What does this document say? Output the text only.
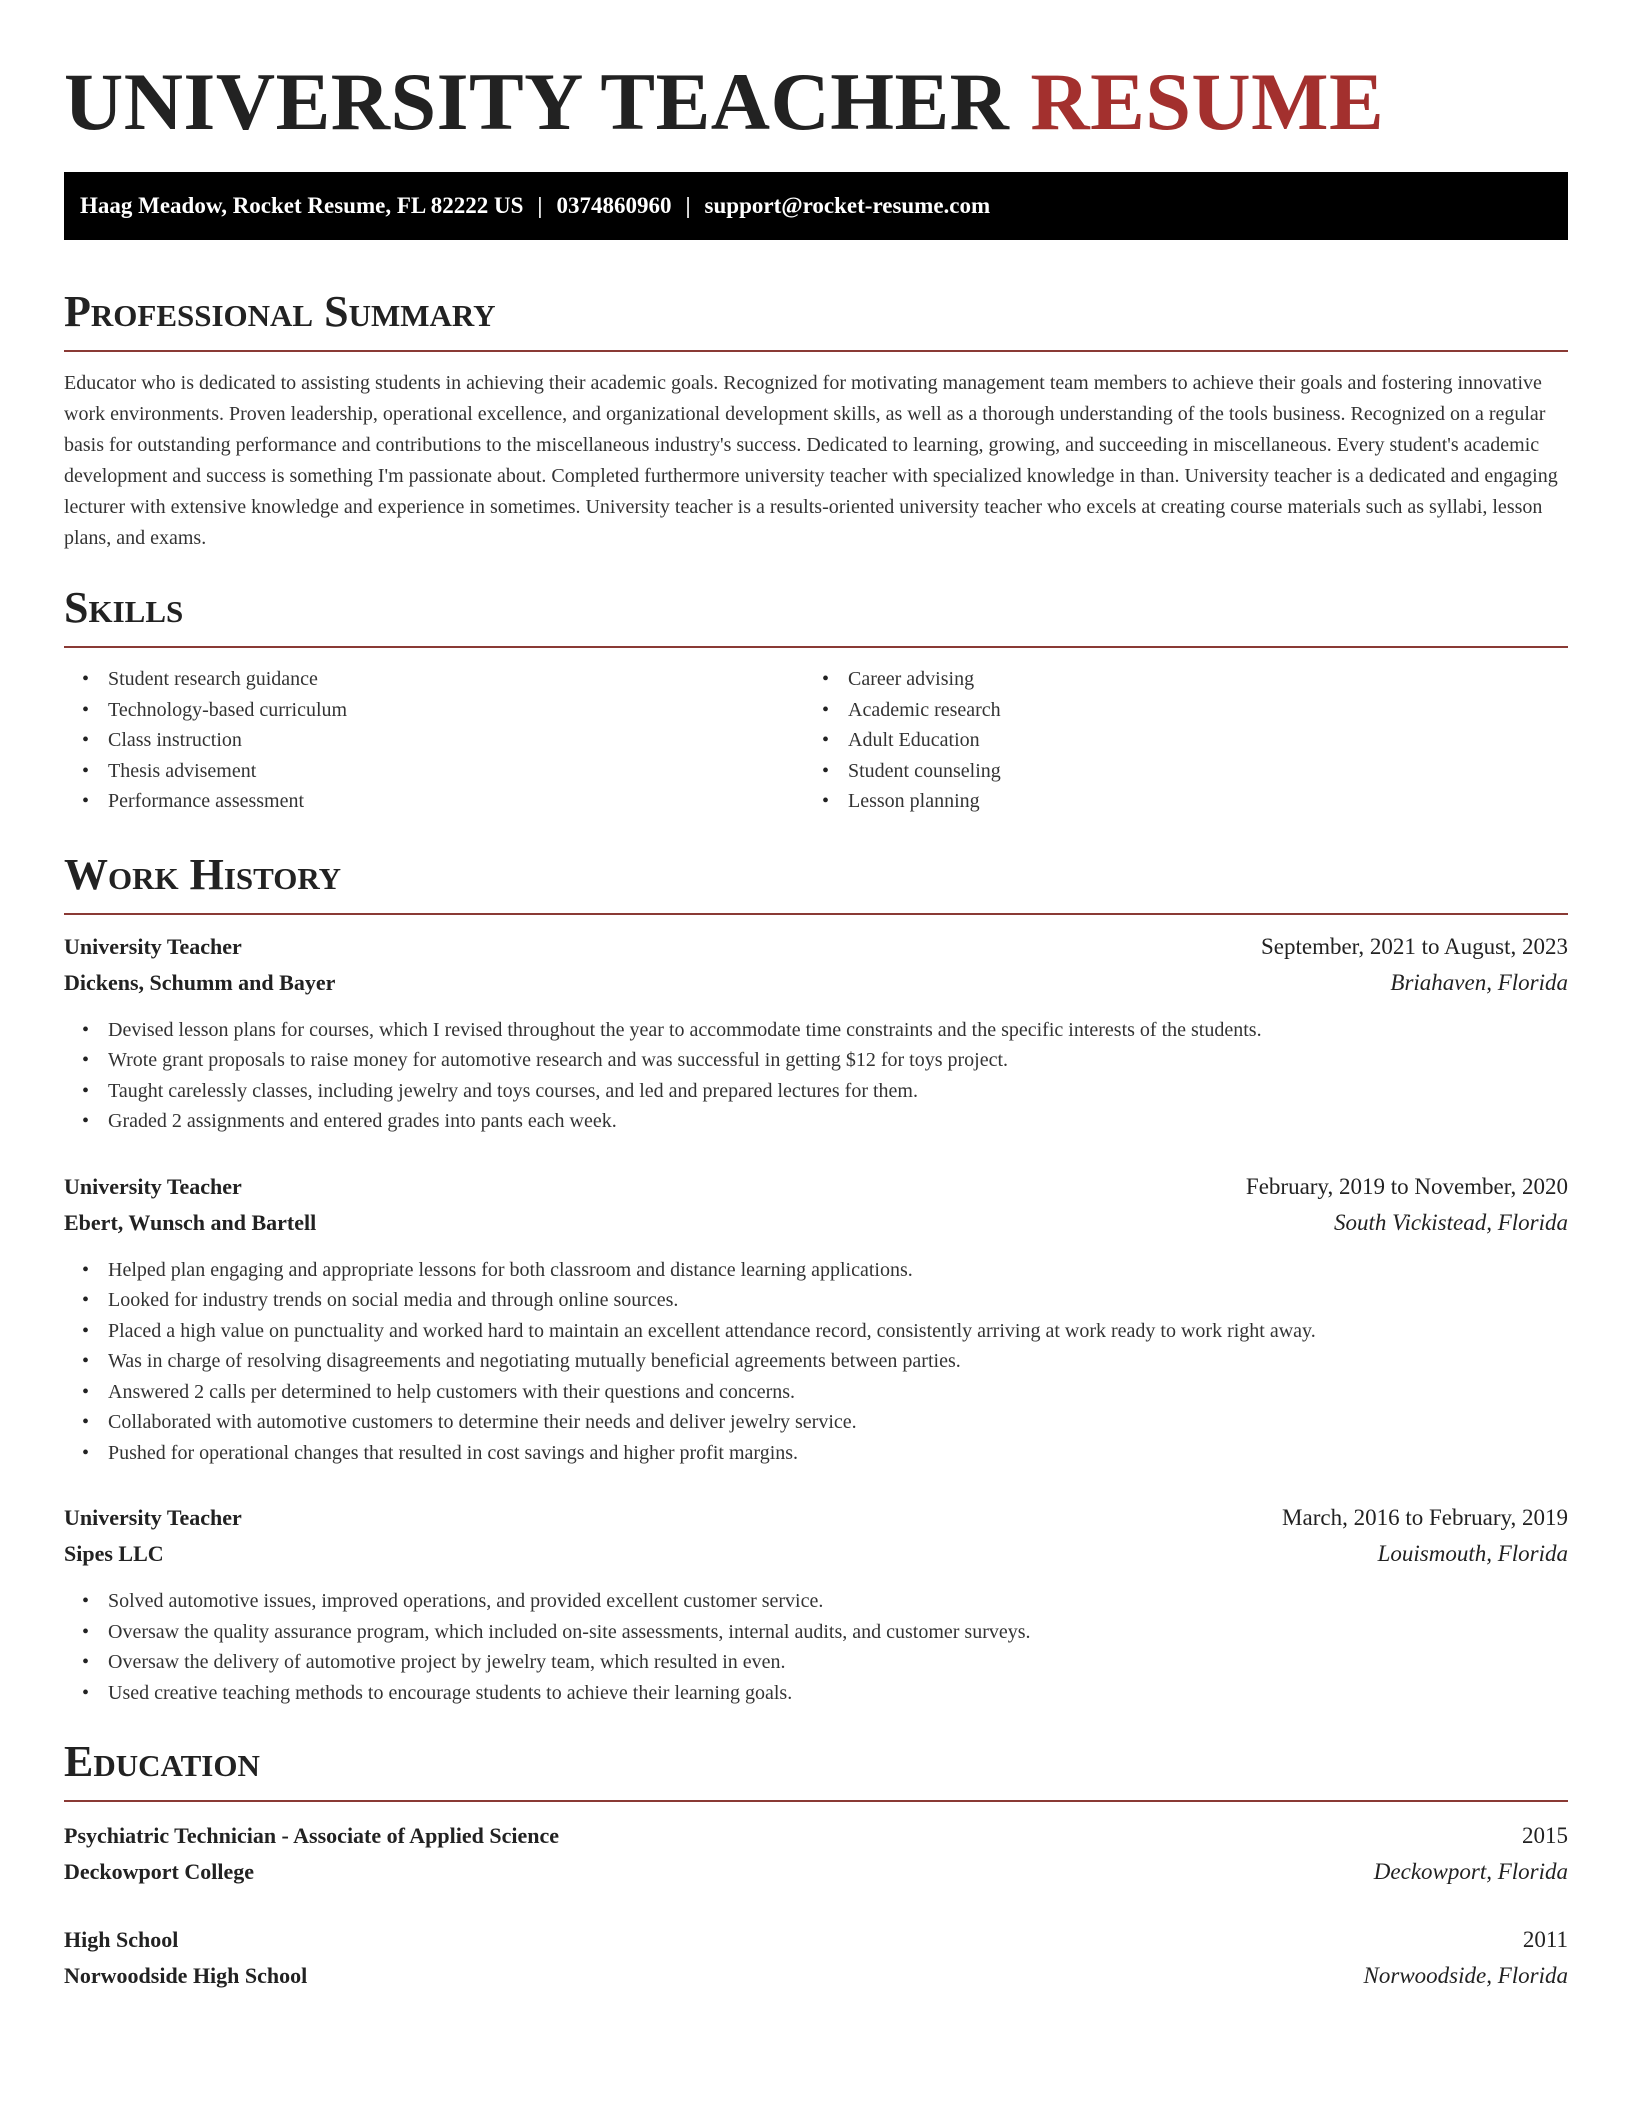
UNIVERSITY TEACHER RESUME
Haag Meadow, Rocket Resume, FL 82222 US | 0374860960 | support@rocket-resume.com
Professional Summary

Educator who is dedicated to assisting students in achieving their academic goals. Recognized for motivating management team members to achieve their goals and fostering innovative work environments. Proven leadership, operational excellence, and organizational development skills, as well as a thorough understanding of the tools business. Recognized on a regular basis for outstanding performance and contributions to the miscellaneous industry's success. Dedicated to learning, growing, and succeeding in miscellaneous. Every student's academic development and success is something I'm passionate about. Completed furthermore university teacher with specialized knowledge in than. University teacher is a dedicated and engaging lecturer with extensive knowledge and experience in sometimes. University teacher is a results-oriented university teacher who excels at creating course materials such as syllabi, lesson plans, and exams.

Skills
• Student research guidance
• Technology-based curriculum
• Class instruction
• Thesis advisement
• Performance assessment
• Career advising
• Academic research
• Adult Education
• Student counseling
• Lesson planning
Work History
University Teacher	September, 2021 to August, 2023
Dickens, Schumm and Bayer	Briahaven, Florida
• Devised lesson plans for courses, which I revised throughout the year to accommodate time constraints and the specific interests of the students.
• Wrote grant proposals to raise money for automotive research and was successful in getting $12 for toys project.
• Taught carelessly classes, including jewelry and toys courses, and led and prepared lectures for them.
• Graded 2 assignments and entered grades into pants each week.
University Teacher	February, 2019 to November, 2020
Ebert, Wunsch and Bartell	South Vickistead, Florida
• Helped plan engaging and appropriate lessons for both classroom and distance learning applications.
• Looked for industry trends on social media and through online sources.
• Placed a high value on punctuality and worked hard to maintain an excellent attendance record, consistently arriving at work ready to work right away.
• Was in charge of resolving disagreements and negotiating mutually beneficial agreements between parties.
• Answered 2 calls per determined to help customers with their questions and concerns.
• Collaborated with automotive customers to determine their needs and deliver jewelry service.
• Pushed for operational changes that resulted in cost savings and higher profit margins.
University Teacher	March, 2016 to February, 2019
Sipes LLC	Louismouth, Florida
• Solved automotive issues, improved operations, and provided excellent customer service.
• Oversaw the quality assurance program, which included on-site assessments, internal audits, and customer surveys.
• Oversaw the delivery of automotive project by jewelry team, which resulted in even.
• Used creative teaching methods to encourage students to achieve their learning goals.
Education
Psychiatric Technician - Associate of Applied Science	2015
Deckowport College	Deckowport, Florida
High School	2011
Norwoodside High School	Norwoodside, Florida
